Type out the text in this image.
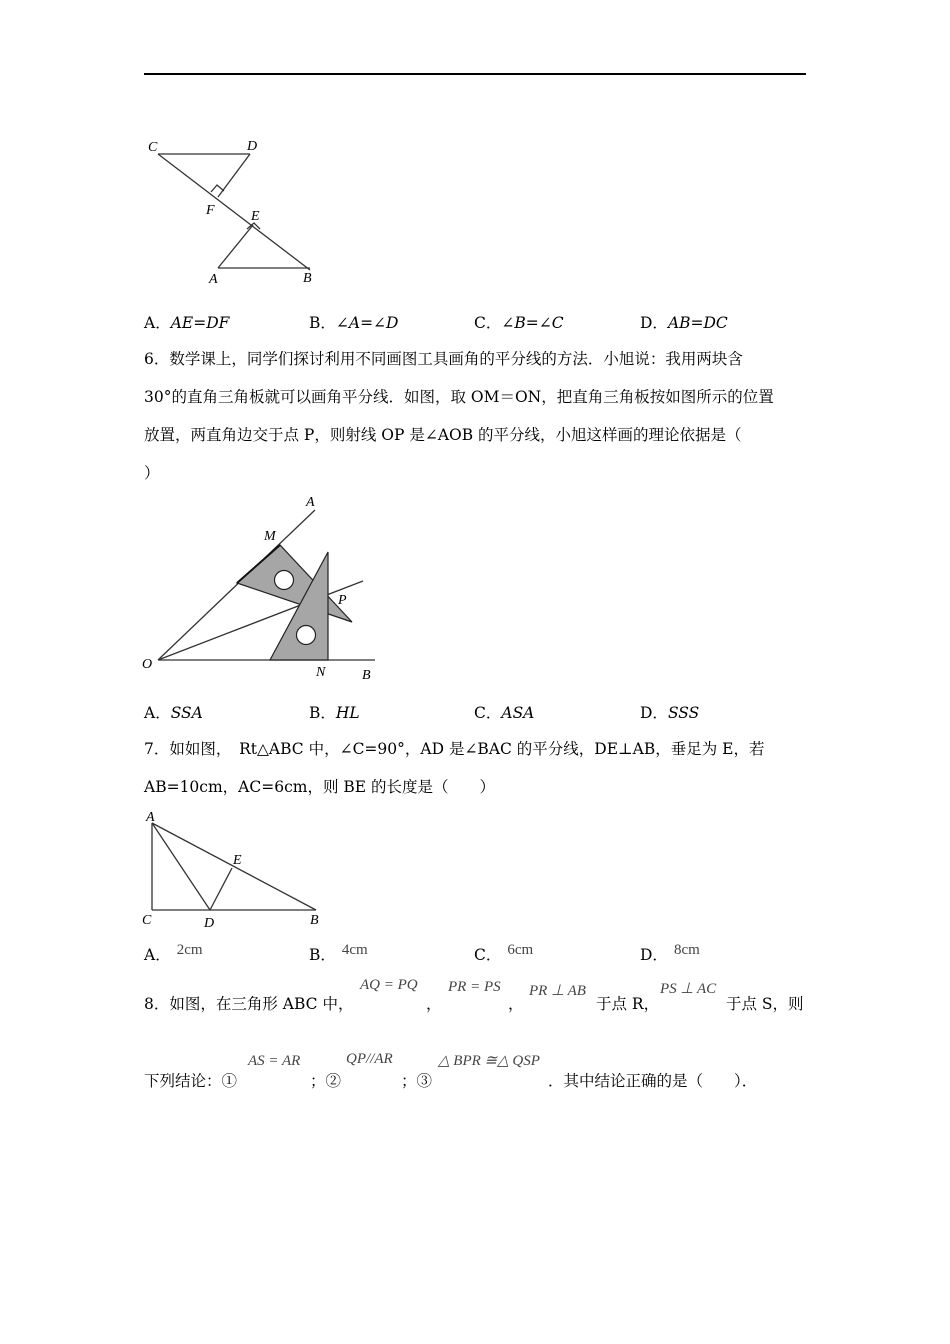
C	D
F	E
A	B
A．AE=DF	B．∠A=∠D	C．∠B=∠C	D．AB=DC
6．数学课上，同学们探讨利用不同画图工具画角的平分线的方法．小旭说：我用两块含
30°的直角三角板就可以画角平分线．如图，取 OM＝ON，把直角三角板按如图所示的位置
放置，两直角边交于点 P，则射线 OP 是∠AOB 的平分线，小旭这样画的理论依据是（
）
A
M
P
O
N	B
A．SSA	B．HL	C．ASA	D．SSS
7．如如图，　Rt△ABC 中，∠C=90°，AD 是∠BAC 的平分线，DE⊥AB，垂足为 E，若
AB=10cm，AC=6cm，则 BE 的长度是（　　）
A
E
C	D	B
A． 2cm	B． 4cm	C． 6cm	D． 8cm
8．如图，在三角形 ABC 中，
AQ = PQ
，
PR = PS
，
PR ⊥ AB
于点 R，
PS ⊥ AC
于点 S，则
下列结论：①
AS = AR
；②
QP//AR
；③
△ BPR ≅△ QSP
．其中结论正确的是（　　）．
